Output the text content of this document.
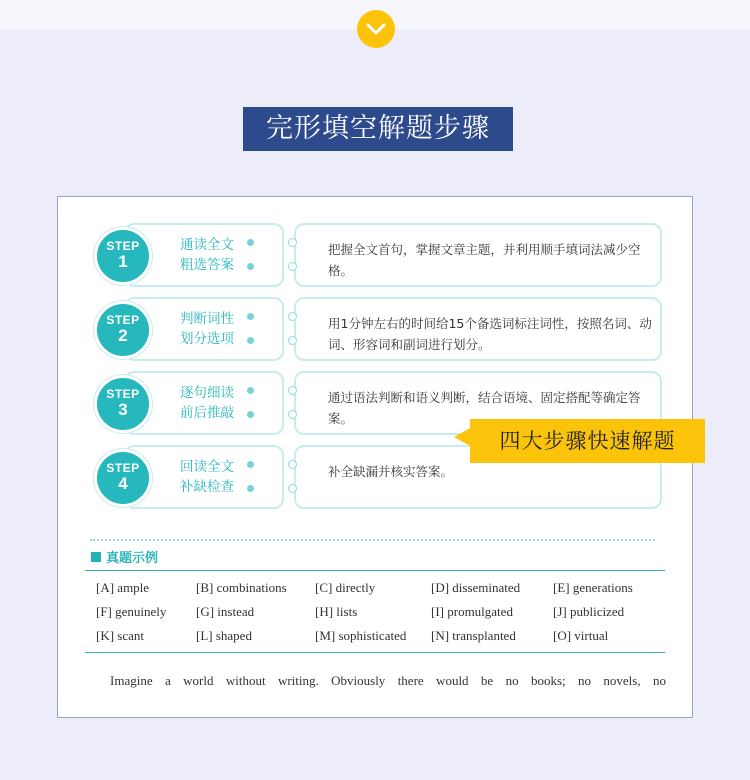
完形填空解题步骤
把握全文首句，掌握文章主题，并利用顺手填词法减少空格。
STEP
1
通读全文
粗选答案
用1分钟左右的时间给15个备选词标注词性，按照名词、动词、形容词和副词进行划分。
STEP
2
判断词性
划分选项
通过语法判断和语义判断，结合语境、固定搭配等确定答案。
STEP
3
逐句细读
前后推敲
补全缺漏并核实答案。
STEP
4
回读全文
补缺检查
四大步骤快速解题
真题示例
[A] ample	[B] combinations [C] directly	[D] disseminated	[E] generations
[F] genuinely [G] instead	[H] lists	[I] promulgated	[J] publicized
[K] scant	[L] shaped	[M] sophisticated [N] transplanted	[O] virtual
Imagine a world without writing. Obviously there would be no books; no novels, no
